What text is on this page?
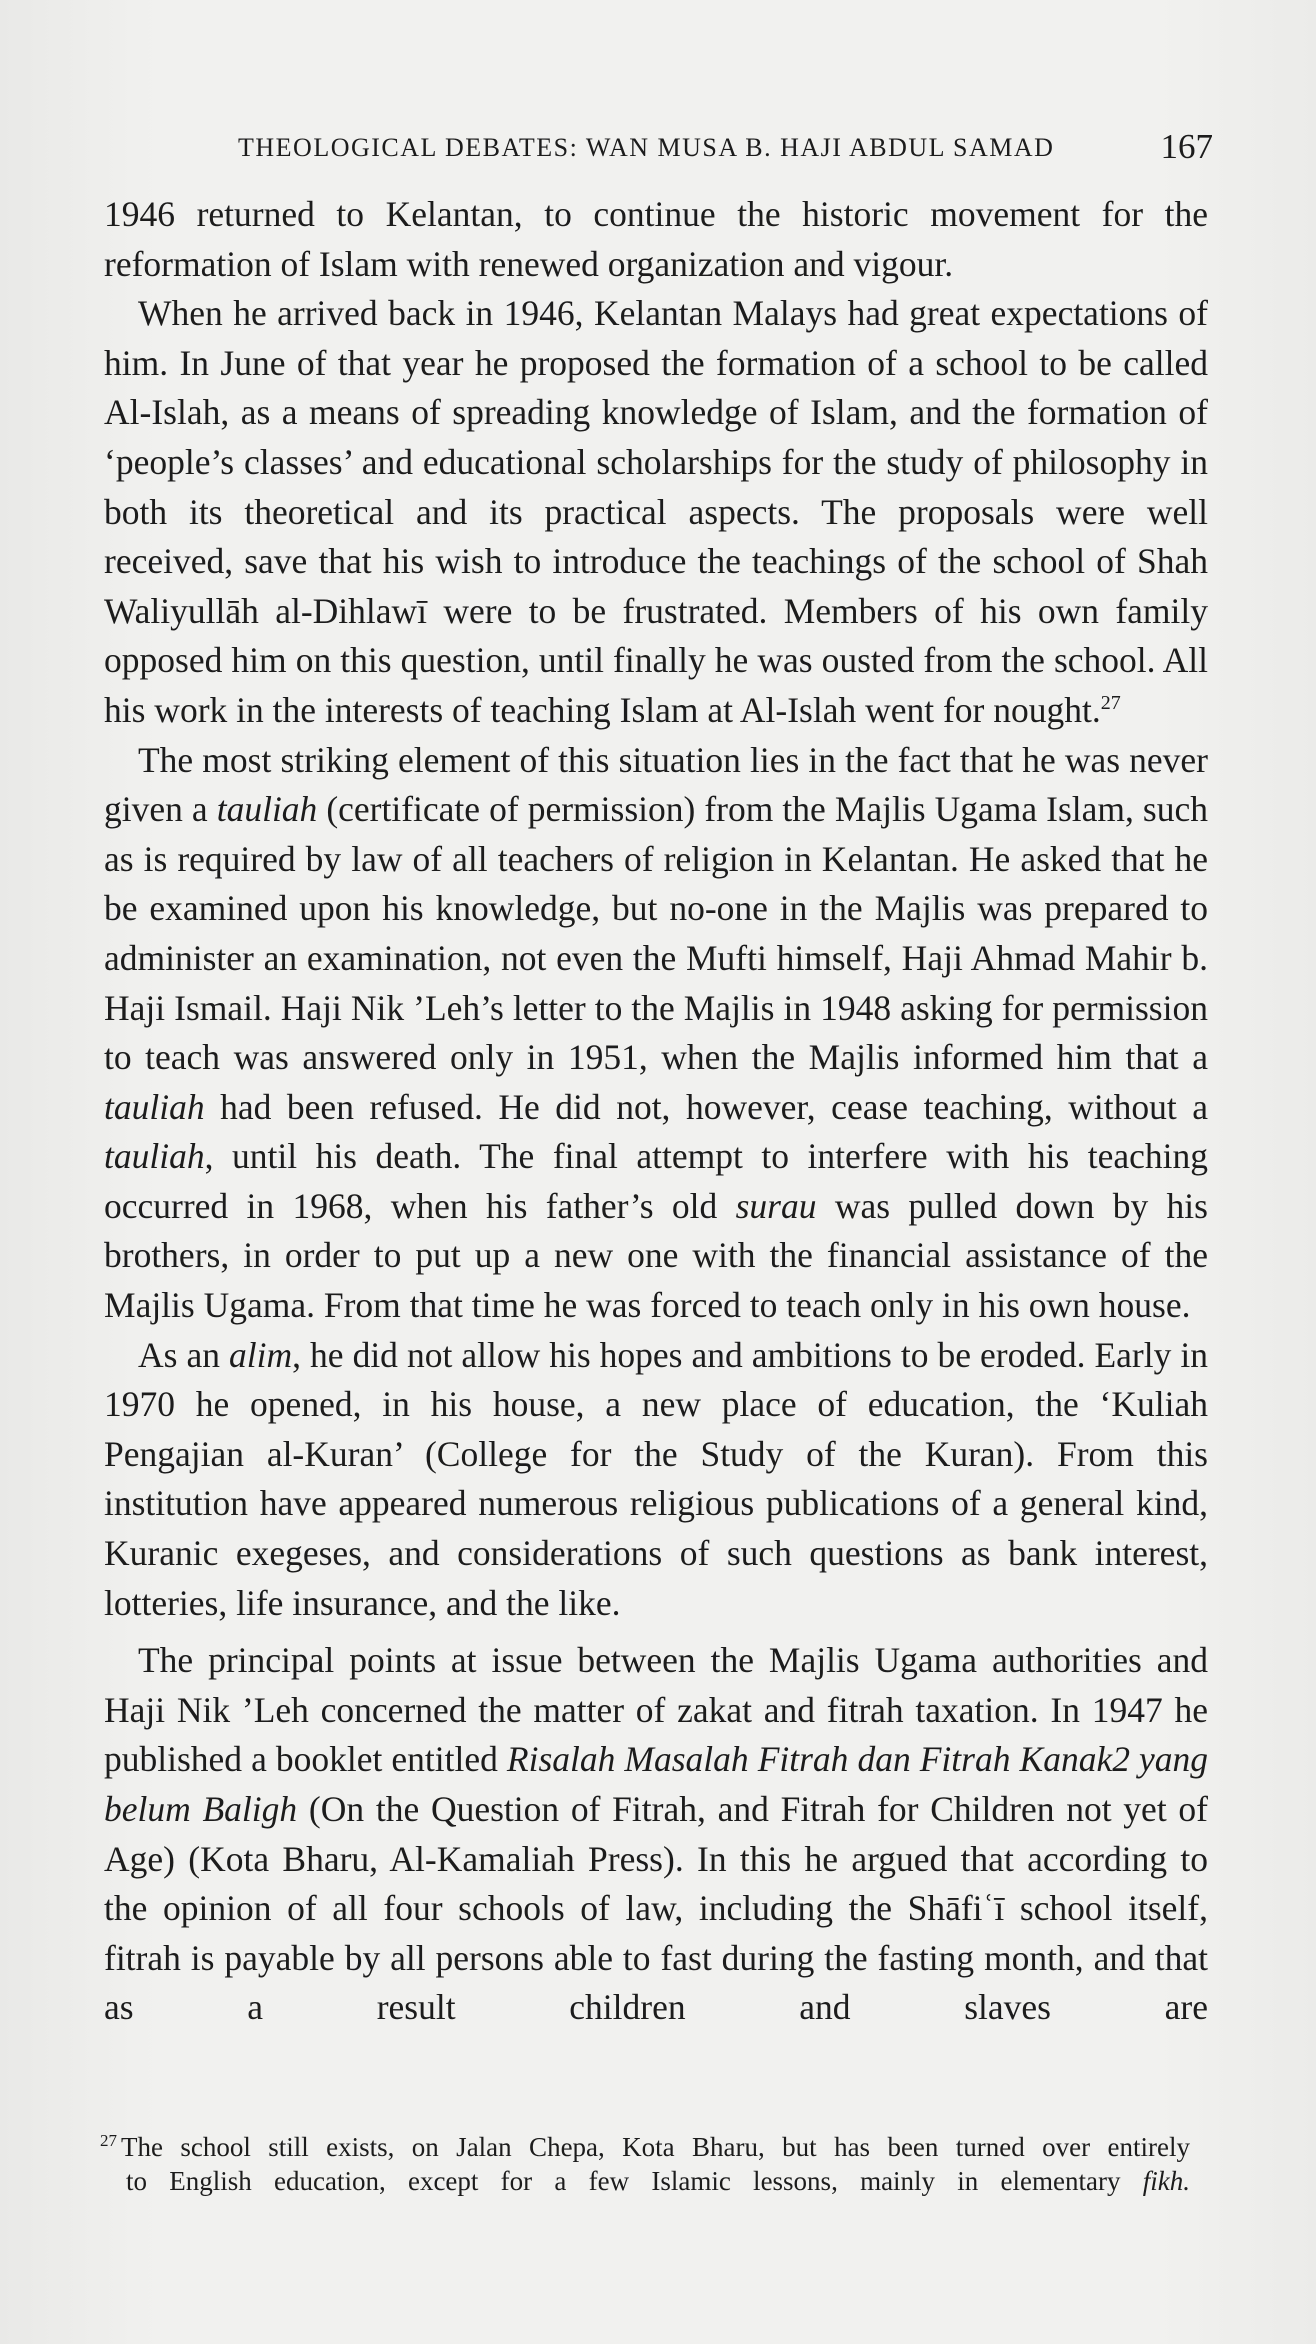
THEOLOGICAL DEBATES: WAN MUSA B. HAJI ABDUL SAMAD	167

1946 returned to Kelantan, to continue the historic movement for the reformation of Islam with renewed organization and vigour.

When he arrived back in 1946, Kelantan Malays had great expectations of him. In June of that year he proposed the formation of a school to be called Al-Islah, as a means of spreading knowledge of Islam, and the formation of ‘people’s classes’ and educational scholarships for the study of philosophy in both its theoretical and its practical aspects. The proposals were well received, save that his wish to introduce the teachings of the school of Shah Waliyullāh al-Dihlawī were to be frustrated. Members of his own family opposed him on this question, until finally he was ousted from the school. All his work in the interests of teaching Islam at Al-Islah went for nought.$^{27}$

The most striking element of this situation lies in the fact that he was never given a tauliah (certificate of permission) from the Majlis Ugama Islam, such as is required by law of all teachers of religion in Kelantan. He asked that he be examined upon his knowledge, but no-one in the Majlis was prepared to administer an examination, not even the Mufti himself, Haji Ahmad Mahir b. Haji Ismail. Haji Nik ’Leh’s letter to the Majlis in 1948 asking for permission to teach was answered only in 1951, when the Majlis informed him that a tauliah had been refused. He did not, however, cease teaching, without a tauliah, until his death. The final attempt to interfere with his teaching occurred in 1968, when his father’s old surau was pulled down by his brothers, in order to put up a new one with the financial assistance of the Majlis Ugama. From that time he was forced to teach only in his own house.

As an alim, he did not allow his hopes and ambitions to be eroded. Early in 1970 he opened, in his house, a new place of education, the ‘Kuliah Pengajian al-Kuran’ (College for the Study of the Kuran). From this institution have appeared numerous religious publications of a general kind, Kuranic exegeses, and considerations of such questions as bank interest, lotteries, life insurance, and the like.

The principal points at issue between the Majlis Ugama authorities and Haji Nik ’Leh concerned the matter of zakat and fitrah taxation. In 1947 he published a booklet entitled Risalah Masalah Fitrah dan Fitrah Kanak2 yang belum Baligh (On the Question of Fitrah, and Fitrah for Children not yet of Age) (Kota Bharu, Al-Kamaliah Press). In this he argued that according to the opinion of all four schools of law, including the Shāfiʿī school itself, fitrah is payable by all persons able to fast during the fasting month, and that as a result children and slaves are

$^{27}$ The school still exists, on Jalan Chepa, Kota Bharu, but has been turned over entirely

to English education, except for a few Islamic lessons, mainly in elementary fikh.
